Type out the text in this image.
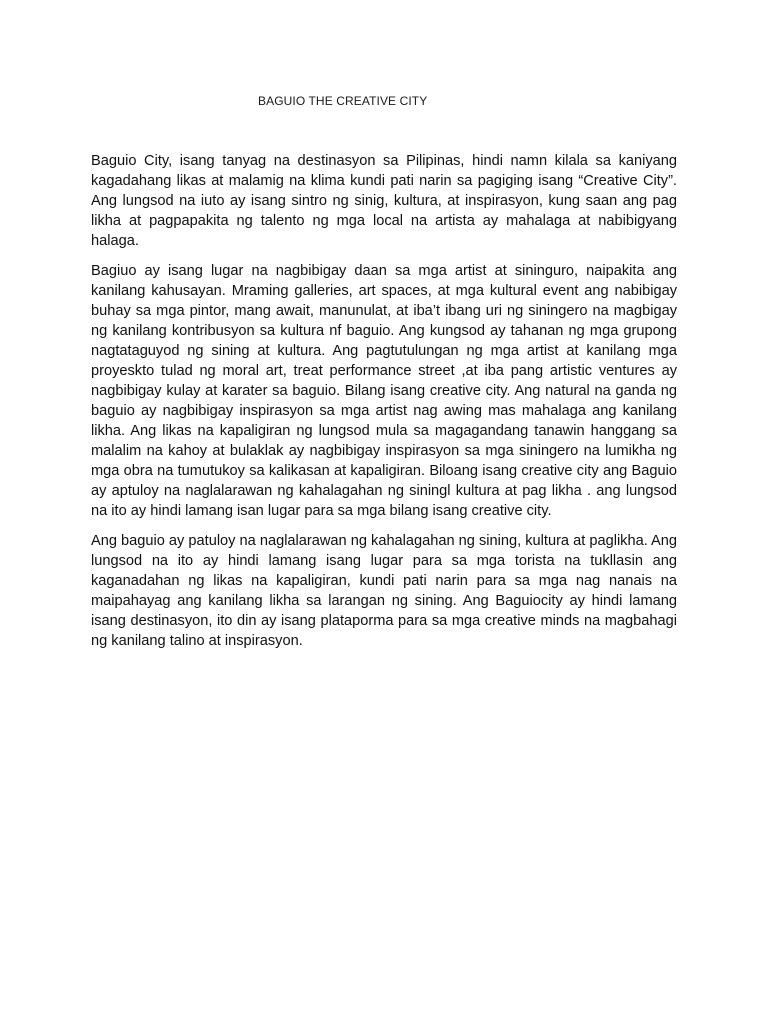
BAGUIO THE CREATIVE CITY

Baguio City, isang tanyag na destinasyon sa Pilipinas, hindi namn kilala sa kaniyang kagadahang likas at malamig na klima kundi pati narin sa pagiging isang “Creative City”. Ang lungsod na iuto ay isang sintro ng sinig, kultura, at inspirasyon, kung saan ang pag likha at pagpapakita ng talento ng mga local na artista ay mahalaga at nabibigyang halaga.

Bagiuo ay isang lugar na nagbibigay daan sa mga artist at sininguro, naipakita ang kanilang kahusayan. Mraming galleries, art spaces, at mga kultural event ang nabibigay buhay sa mga pintor, mang await, manunulat, at iba’t ibang uri ng siningero na magbigay ng kanilang kontribusyon sa kultura nf baguio. Ang kungsod ay tahanan ng mga grupong nagtataguyod ng sining at kultura. Ang pagtutulungan ng mga artist at kanilang mga proyeskto tulad ng moral art, treat performance street ,at iba pang artistic ventures ay nagbibigay kulay at karater sa baguio. Bilang isang creative city. Ang natural na ganda ng baguio ay nagbibigay inspirasyon sa mga artist nag awing mas mahalaga ang kanilang likha. Ang likas na kapaligiran ng lungsod mula sa magagandang tanawin hanggang sa malalim na kahoy at bulaklak ay nagbibigay inspirasyon sa mga siningero na lumikha ng mga obra na tumutukoy sa kalikasan at kapaligiran. Biloang isang creative city ang Baguio ay aptuloy na naglalarawan ng kahalagahan ng siningl kultura at pag likha . ang lungsod na ito ay hindi lamang isan lugar para sa mga bilang isang creative city.

Ang baguio ay patuloy na naglalarawan ng kahalagahan ng sining, kultura at paglikha. Ang lungsod na ito ay hindi lamang isang lugar para sa mga torista na tukllasin ang kaganadahan ng likas na kapaligiran, kundi pati narin para sa mga nag nanais na maipahayag ang kanilang likha sa larangan ng sining. Ang Baguiocity ay hindi lamang isang destinasyon, ito din ay isang plataporma para sa mga creative minds na magbahagi ng kanilang talino at inspirasyon.
